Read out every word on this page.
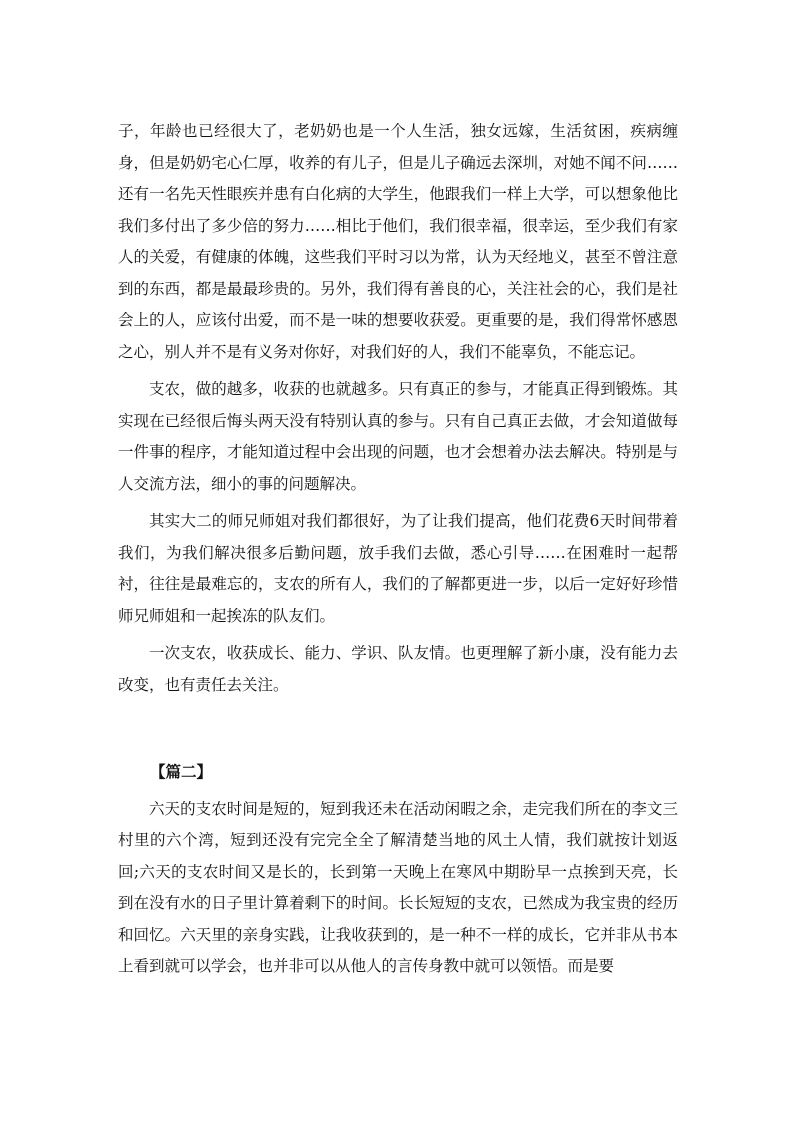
子，年龄也已经很大了，老奶奶也是一个人生活，独女远嫁，生活贫困，疾病缠身，但是奶奶宅心仁厚，收养的有儿子，但是儿子确远去深圳，对她不闻不问……还有一名先天性眼疾并患有白化病的大学生，他跟我们一样上大学，可以想象他比我们多付出了多少倍的努力……相比于他们，我们很幸福，很幸运，至少我们有家人的关爱，有健康的体魄，这些我们平时习以为常，认为天经地义，甚至不曾注意到的东西，都是最最珍贵的。另外，我们得有善良的心，关注社会的心，我们是社会上的人，应该付出爱，而不是一味的想要收获爱。更重要的是，我们得常怀感恩之心，别人并不是有义务对你好，对我们好的人，我们不能辜负，不能忘记。

支农，做的越多，收获的也就越多。只有真正的参与，才能真正得到锻炼。其实现在已经很后悔头两天没有特别认真的参与。只有自己真正去做，才会知道做每一件事的程序，才能知道过程中会出现的问题，也才会想着办法去解决。特别是与人交流方法，细小的事的问题解决。

其实大二的师兄师姐对我们都很好，为了让我们提高，他们花费6天时间带着我们，为我们解决很多后勤问题，放手我们去做，悉心引导……在困难时一起帮衬，往往是最难忘的，支农的所有人，我们的了解都更进一步，以后一定好好珍惜师兄师姐和一起挨冻的队友们。

一次支农，收获成长、能力、学识、队友情。也更理解了新小康，没有能力去改变，也有责任去关注。

【篇二】

六天的支农时间是短的，短到我还未在活动闲暇之余，走完我们所在的李文三村里的六个湾，短到还没有完完全全了解清楚当地的风土人情，我们就按计划返回;六天的支农时间又是长的，长到第一天晚上在寒风中期盼早一点挨到天亮，长到在没有水的日子里计算着剩下的时间。长长短短的支农，已然成为我宝贵的经历和回忆。六天里的亲身实践，让我收获到的，是一种不一样的成长，它并非从书本上看到就可以学会，也并非可以从他人的言传身教中就可以领悟。而是要
